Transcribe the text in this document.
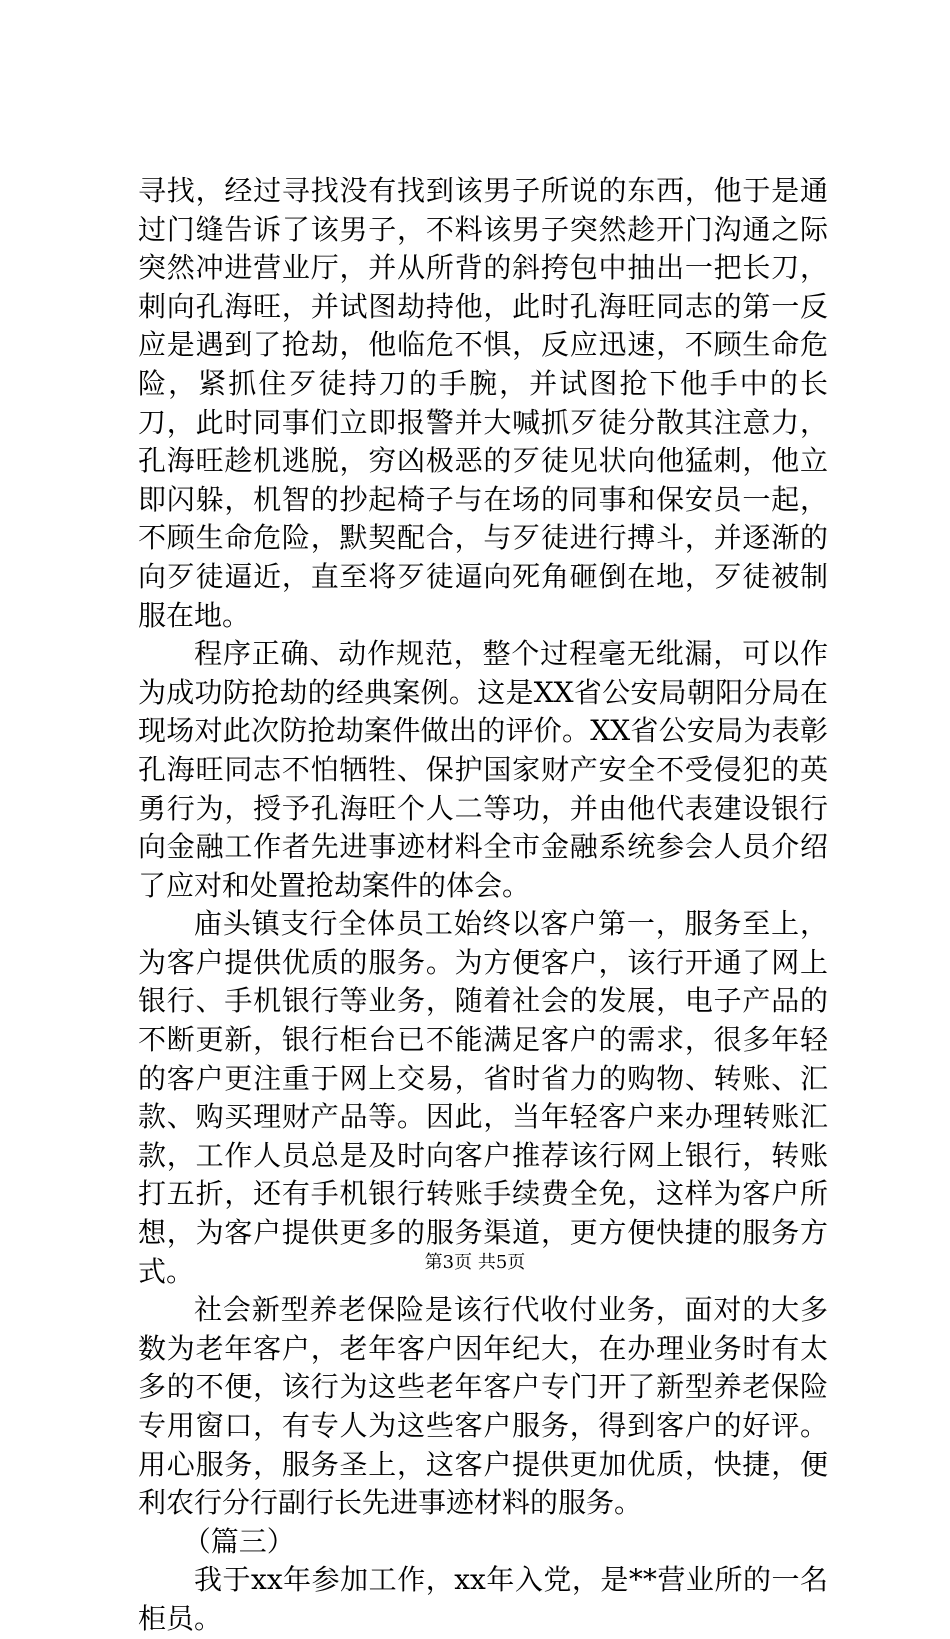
寻找，经过寻找没有找到该男子所说的东西，他于是通过门缝告诉了该男子，不料该男子突然趁开门沟通之际突然冲进营业厅，并从所背的斜挎包中抽出一把长刀，刺向孔海旺，并试图劫持他，此时孔海旺同志的第一反应是遇到了抢劫，他临危不惧，反应迅速，不顾生命危险，紧抓住歹徒持刀的手腕，并试图抢下他手中的长刀，此时同事们立即报警并大喊抓歹徒分散其注意力，孔海旺趁机逃脱，穷凶极恶的歹徒见状向他猛刺，他立即闪躲，机智的抄起椅子与在场的同事和保安员一起，不顾生命危险，默契配合，与歹徒进行搏斗，并逐渐的向歹徒逼近，直至将歹徒逼向死角砸倒在地，歹徒被制服在地。

程序正确、动作规范，整个过程毫无纰漏，可以作为成功防抢劫的经典案例。这是XX省公安局朝阳分局在现场对此次防抢劫案件做出的评价。XX省公安局为表彰孔海旺同志不怕牺牲、保护国家财产安全不受侵犯的英勇行为，授予孔海旺个人二等功，并由他代表建设银行向金融工作者先进事迹材料全市金融系统参会人员介绍了应对和处置抢劫案件的体会。

庙头镇支行全体员工始终以客户第一，服务至上，为客户提供优质的服务。为方便客户，该行开通了网上银行、手机银行等业务，随着社会的发展，电子产品的不断更新，银行柜台已不能满足客户的需求，很多年轻的客户更注重于网上交易，省时省力的购物、转账、汇款、购买理财产品等。因此，当年轻客户来办理转账汇款，工作人员总是及时向客户推荐该行网上银行，转账打五折，还有手机银行转账手续费全免，这样为客户所想，为客户提供更多的服务渠道，更方便快捷的服务方式。

社会新型养老保险是该行代收付业务，面对的大多数为老年客户，老年客户因年纪大，在办理业务时有太多的不便，该行为这些老年客户专门开了新型养老保险专用窗口，有专人为这些客户服务，得到客户的好评。用心服务，服务圣上，这客户提供更加优质，快捷，便利农行分行副行长先进事迹材料的服务。

（篇三）

我于xx年参加工作，xx年入党，是**营业所的一名柜员。

第3页 共5页
